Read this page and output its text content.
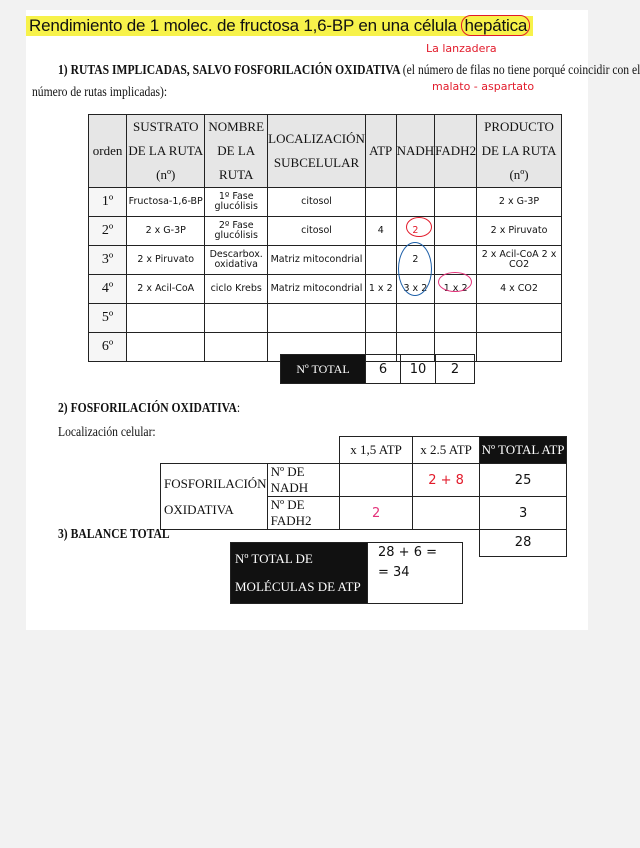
Rendimiento de 1 molec. de fructosa 1,6-BP en una célula hepática
La lanzadera
malato - aspartato
1) RUTAS IMPLICADAS, SALVO FOSFORILACIÓN OXIDATIVA (el número de filas no tiene porqué coincidir con el
número de rutas implicadas):
orden	SUSTRATO DE LA RUTA (nº)	NOMBRE DE LA RUTA	LOCALIZACIÓN SUBCELULAR	ATP	NADH	FADH2	PRODUCTO DE LA RUTA (nº)
1º	Fructosa-1,6-BP	1º Fase glucólisis	citosol				2 x G-3P
2º	2 x G-3P	2º Fase glucólisis	citosol	4	2		2 x Piruvato
3º	2 x Piruvato	Descarbox. oxidativa	Matriz mitocondrial		2		2 x Acil-CoA 2 x CO2
4º	2 x Acil-CoA	ciclo Krebs	Matriz mitocondrial	1 x 2	3 x 2	1 x 2	4 x CO2
5º							
6º							
Nº TOTAL	6	10	2
2) FOSFORILACIÓN OXIDATIVA:
Localización celular:
		x 1,5 ATP	x 2.5 ATP	Nº TOTAL ATP
FOSFORILACIÓN
OXIDATIVA	Nº DE NADH		2 + 8	25
	Nº DE FADH2	2		3
				28
3) BALANCE TOTAL
Nº TOTAL DE MOLÉCULAS DE ATP	28 + 6 =
= 34
